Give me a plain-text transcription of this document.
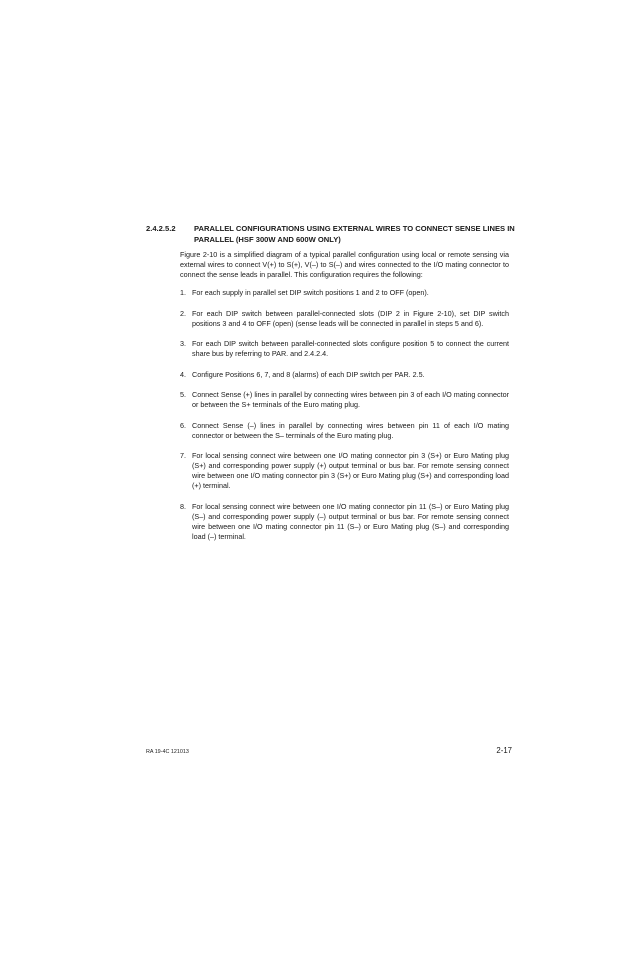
2.4.2.5.2	PARALLEL CONFIGURATIONS USING EXTERNAL WIRES TO CONNECT SENSE LINES IN PARALLEL (HSF 300W AND 600W ONLY)

Figure 2-10 is a simplified diagram of a typical parallel configuration using local or remote sensing via external wires to connect V(+) to S(+), V(–) to S(–) and wires connected to the I/O mating connector to connect the sense leads in parallel. This configuration requires the following:

1. For each supply in parallel set DIP switch positions 1 and 2 to OFF (open).
2. For each DIP switch between parallel-connected slots (DIP 2 in Figure 2-10), set DIP switch positions 3 and 4 to OFF (open) (sense leads will be connected in parallel in steps 5 and 6).
3. For each DIP switch between parallel-connected slots configure position 5 to connect the current share bus by referring to PAR. and 2.4.2.4.
4. Configure Positions 6, 7, and 8 (alarms) of each DIP switch per PAR. 2.5.
5. Connect Sense (+) lines in parallel by connecting wires between pin 3 of each I/O mating connector or between the S+ terminals of the Euro mating plug.
6. Connect Sense (–) lines in parallel by connecting wires between pin 11 of each I/O mating connector or between the S– terminals of the Euro mating plug.
7. For local sensing connect wire between one I/O mating connector pin 3 (S+) or Euro Mating plug (S+) and corresponding power supply (+) output terminal or bus bar. For remote sensing connect wire between one I/O mating connector pin 3 (S+) or Euro Mating plug (S+) and corresponding load (+) terminal.
8. For local sensing connect wire between one I/O mating connector pin 11 (S–) or Euro Mating plug (S–) and corresponding power supply (–) output terminal or bus bar. For remote sensing connect wire between one I/O mating connector pin 11 (S–) or Euro Mating plug (S–) and corresponding load (–) terminal.
RA 19-4C 121013	2-17
